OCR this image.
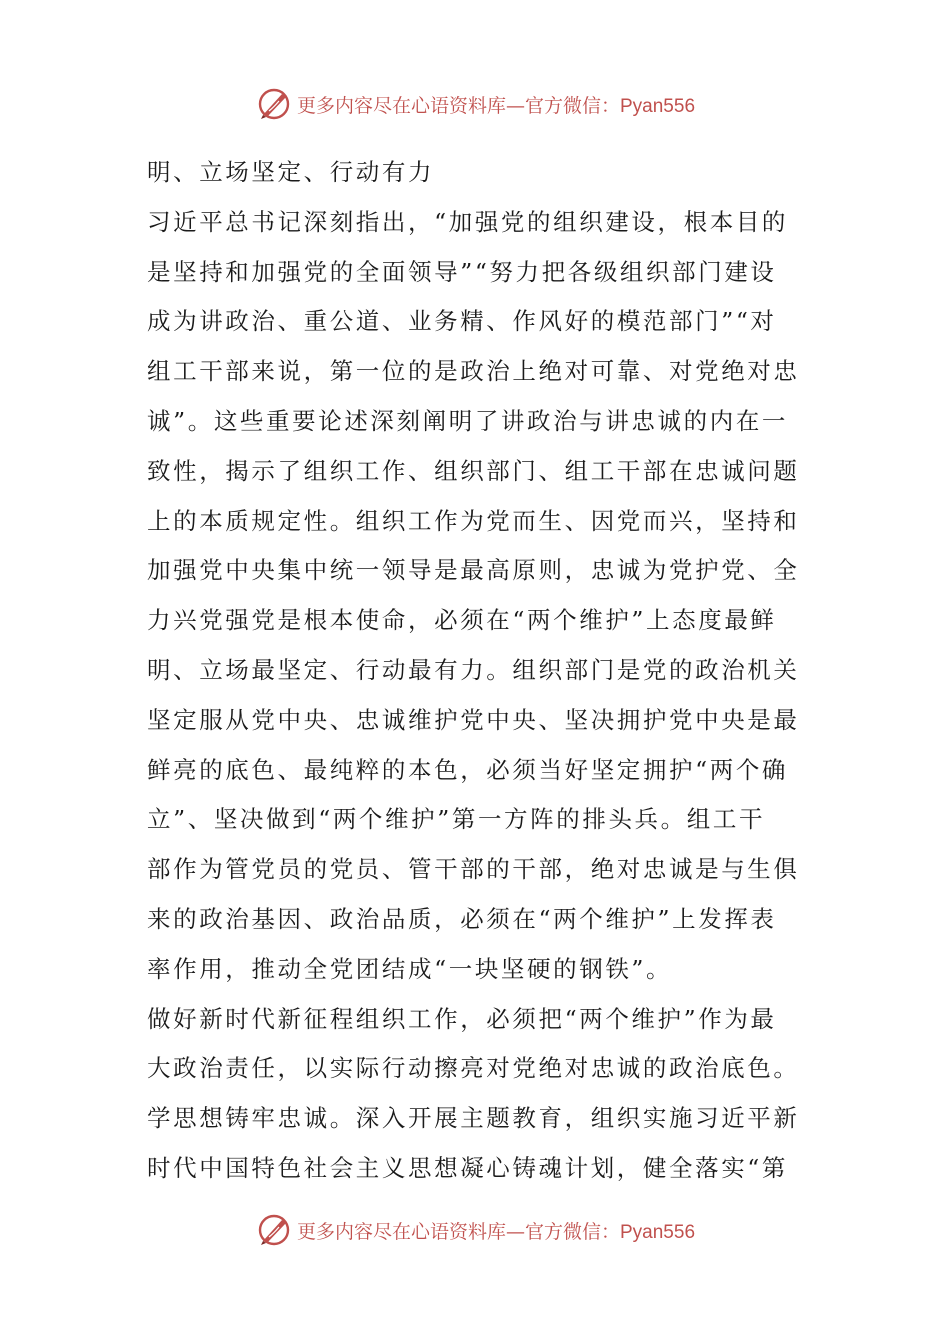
更多内容尽在心语资料库—官方微信：Pyan556
明、立场坚定、行动有力
习近平总书记深刻指出，“加强党的组织建设，根本目的
是坚持和加强党的全面领导”“努力把各级组织部门建设
成为讲政治、重公道、业务精、作风好的模范部门”“对
组工干部来说，第一位的是政治上绝对可靠、对党绝对忠
诚”。这些重要论述深刻阐明了讲政治与讲忠诚的内在一
致性，揭示了组织工作、组织部门、组工干部在忠诚问题
上的本质规定性。组织工作为党而生、因党而兴，坚持和
加强党中央集中统一领导是最高原则，忠诚为党护党、全
力兴党强党是根本使命，必须在“两个维护”上态度最鲜
明、立场最坚定、行动最有力。组织部门是党的政治机关
坚定服从党中央、忠诚维护党中央、坚决拥护党中央是最
鲜亮的底色、最纯粹的本色，必须当好坚定拥护“两个确
立”、坚决做到“两个维护”第一方阵的排头兵。组工干
部作为管党员的党员、管干部的干部，绝对忠诚是与生俱
来的政治基因、政治品质，必须在“两个维护”上发挥表
率作用，推动全党团结成“一块坚硬的钢铁”。
做好新时代新征程组织工作，必须把“两个维护”作为最
大政治责任，以实际行动擦亮对党绝对忠诚的政治底色。
学思想铸牢忠诚。深入开展主题教育，组织实施习近平新
时代中国特色社会主义思想凝心铸魂计划，健全落实“第
更多内容尽在心语资料库—官方微信：Pyan556
